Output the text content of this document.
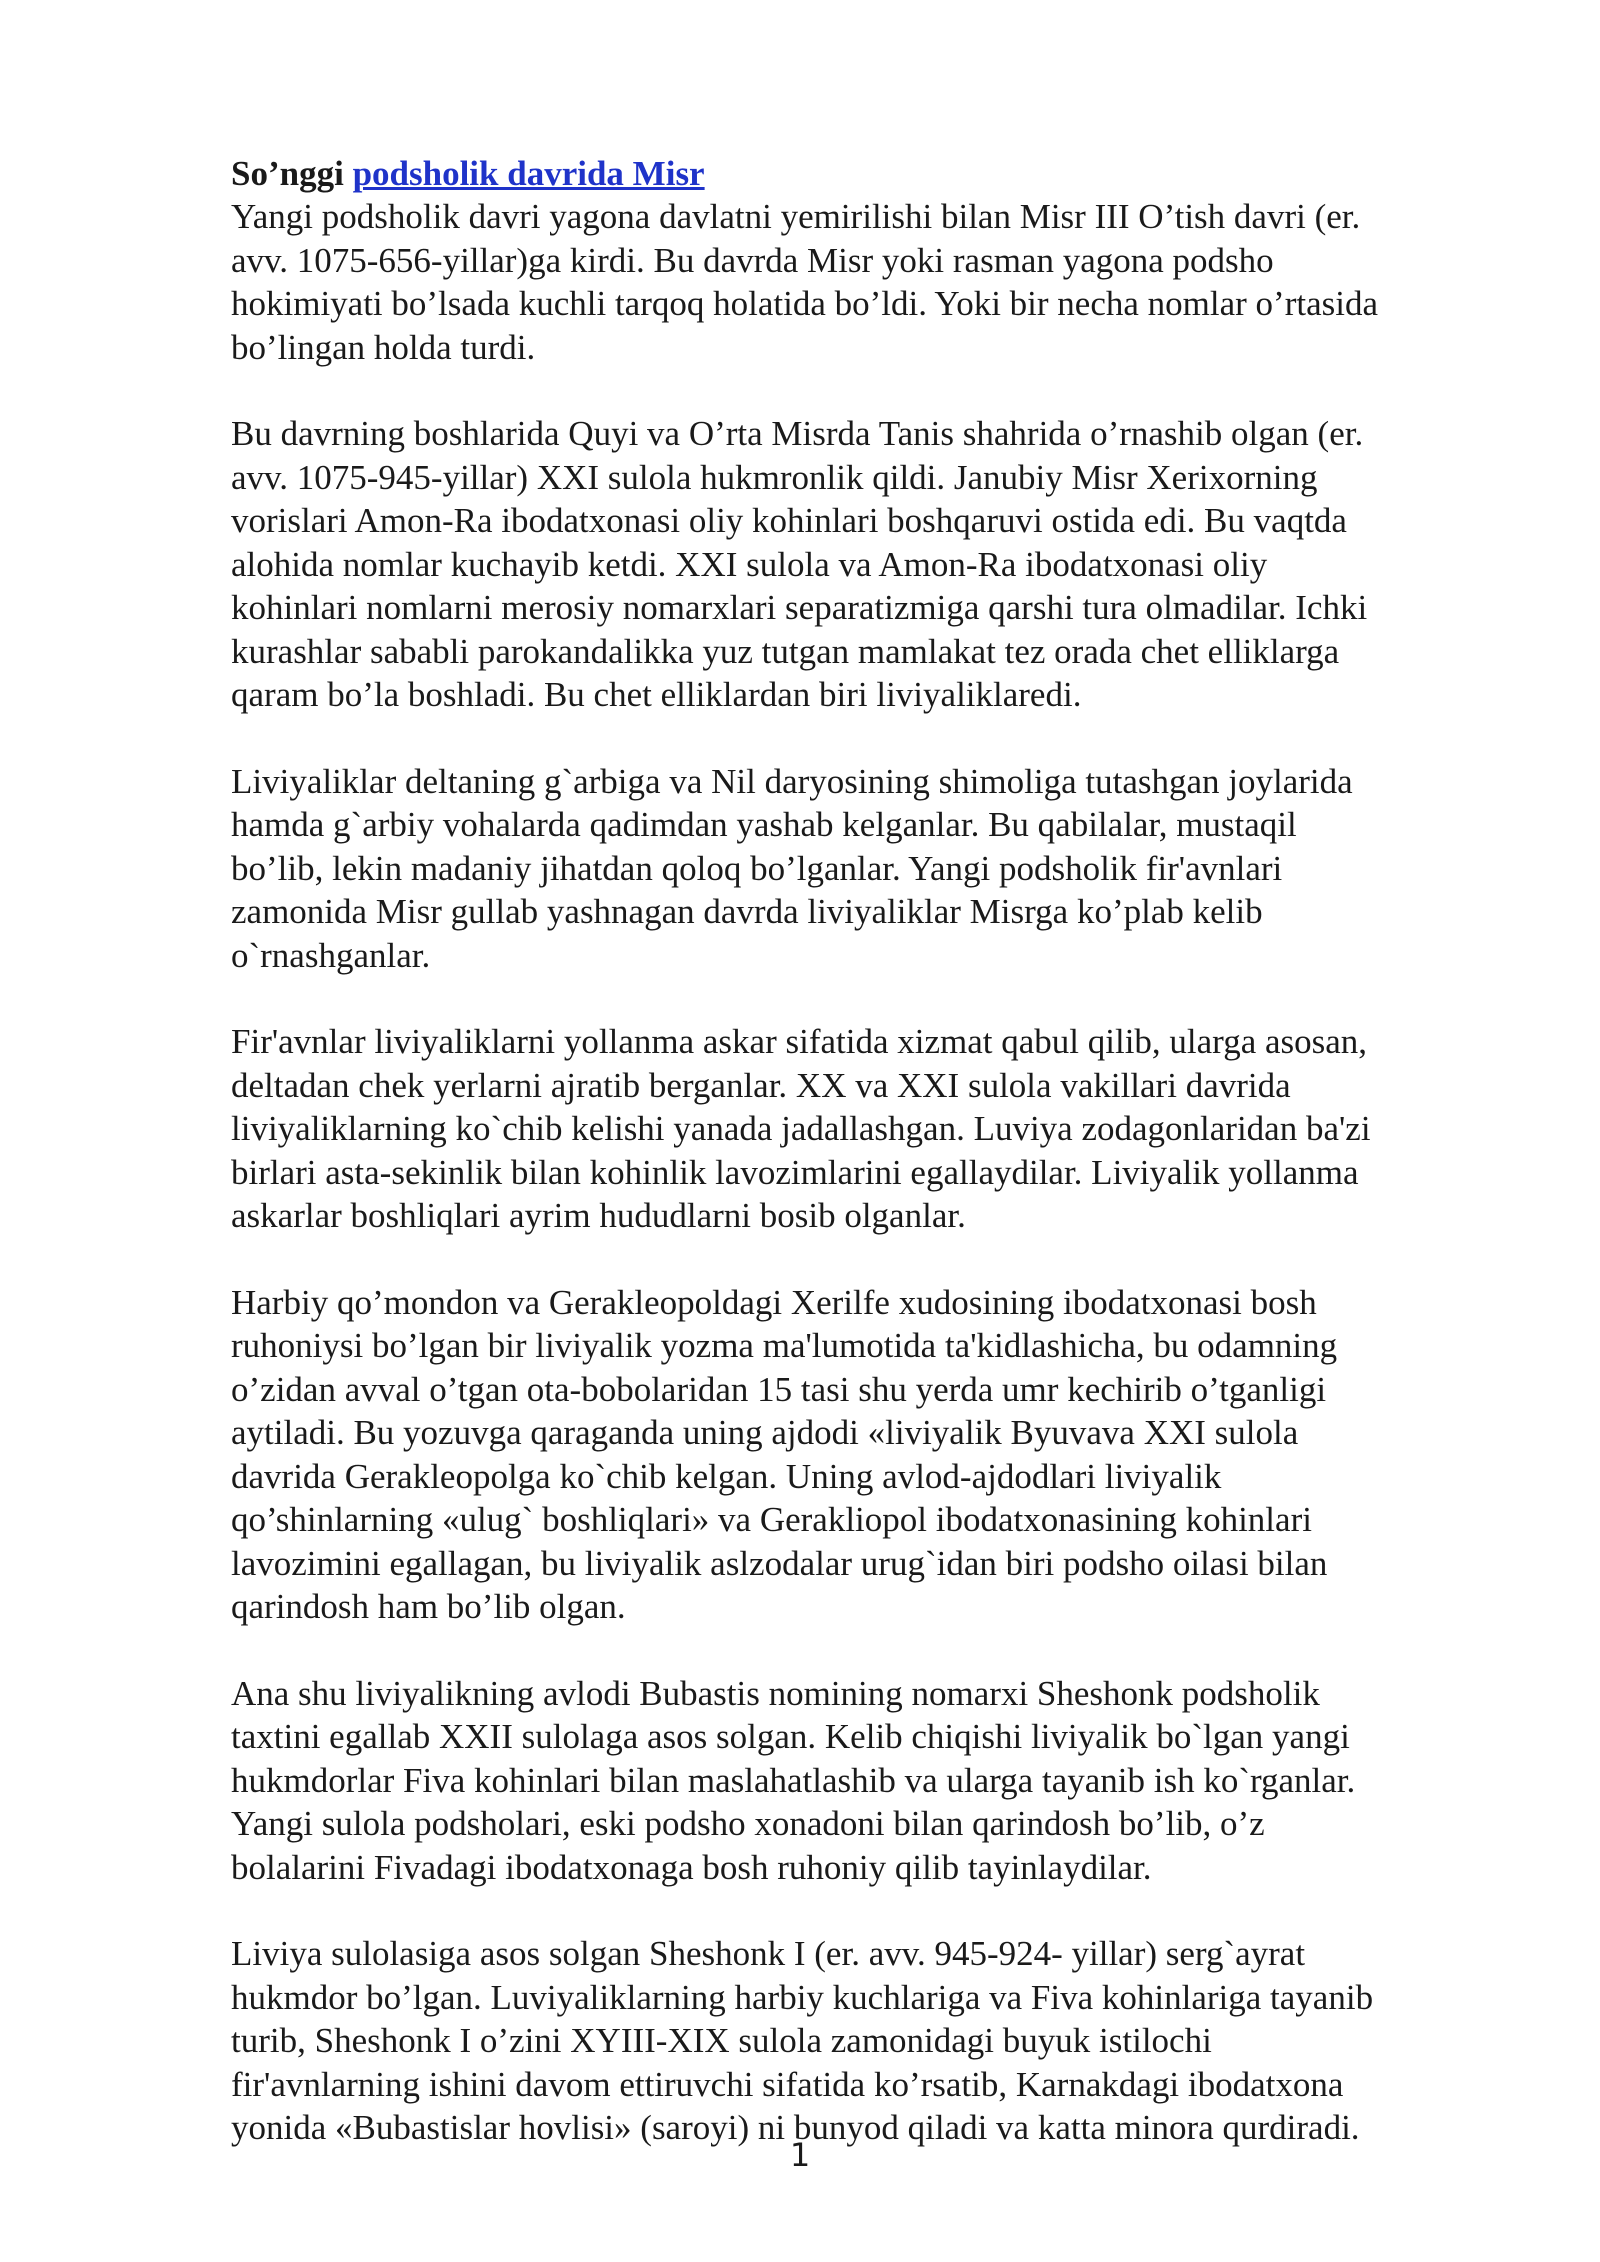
So’nggi podsholik davrida Misr

Yangi podsholik davri yagona davlatni yemirilishi bilan Misr III O’tish davri (er.
avv. 1075-656-yillar)ga kirdi. Bu davrda Misr yoki rasman yagona podsho
hokimiyati bo’lsada kuchli tarqoq holatida bo’ldi. Yoki bir necha nomlar o’rtasida
bo’lingan holda turdi.

Bu davrning boshlarida Quyi va O’rta Misrda Tanis shahrida o’rnashib olgan (er.
avv. 1075-945-yillar) XXI sulola hukmronlik qildi. Janubiy Misr Xerixorning
vorislari Amon-Ra ibodatxonasi oliy kohinlari boshqaruvi ostida edi. Bu vaqtda
alohida nomlar kuchayib ketdi. XXI sulola va Amon-Ra ibodatxonasi oliy
kohinlari nomlarni merosiy nomarxlari separatizmiga qarshi tura olmadilar. Ichki
kurashlar sababli parokandalikka yuz tutgan mamlakat tez orada chet elliklarga
qaram bo’la boshladi. Bu chet elliklardan biri liviyaliklaredi.

Liviyaliklar deltaning g`arbiga va Nil daryosining shimoliga tutashgan joylarida
hamda g`arbiy vohalarda qadimdan yashab kelganlar. Bu qabilalar, mustaqil
bo’lib, lekin madaniy jihatdan qoloq bo’lganlar. Yangi podsholik fir'avnlari
zamonida Misr gullab yashnagan davrda liviyaliklar Misrga ko’plab kelib
o`rnashganlar.

Fir'avnlar liviyaliklarni yollanma askar sifatida xizmat qabul qilib, ularga asosan,
deltadan chek yerlarni ajratib berganlar. XX va XXI sulola vakillari davrida
liviyaliklarning ko`chib kelishi yanada jadallashgan. Luviya zodagonlaridan ba'zi
birlari asta-sekinlik bilan kohinlik lavozimlarini egallaydilar. Liviyalik yollanma
askarlar boshliqlari ayrim hududlarni bosib olganlar.

Harbiy qo’mondon va Gerakleopoldagi Xerilfe xudosining ibodatxonasi bosh
ruhoniysi bo’lgan bir liviyalik yozma ma'lumotida ta'kidlashicha, bu odamning
o’zidan avval o’tgan ota-bobolaridan 15 tasi shu yerda umr kechirib o’tganligi
aytiladi. Bu yozuvga qaraganda uning ajdodi «liviyalik Byuvava XXI sulola
davrida Gerakleopolga ko`chib kelgan. Uning avlod-ajdodlari liviyalik
qo’shinlarning «ulug` boshliqlari» va Gerakliopol ibodatxonasining kohinlari
lavozimini egallagan, bu liviyalik aslzodalar urug`idan biri podsho oilasi bilan
qarindosh ham bo’lib olgan.

Ana shu liviyalikning avlodi Bubastis nomining nomarxi Sheshonk podsholik
taxtini egallab XXII sulolaga asos solgan. Kelib chiqishi liviyalik bo`lgan yangi
hukmdorlar Fiva kohinlari bilan maslahatlashib va ularga tayanib ish ko`rganlar.
Yangi sulola podsholari, eski podsho xonadoni bilan qarindosh bo’lib, o’z
bolalarini Fivadagi ibodatxonaga bosh ruhoniy qilib tayinlaydilar.

Liviya sulolasiga asos solgan Sheshonk I (er. avv. 945-924- yillar) serg`ayrat
hukmdor bo’lgan. Luviyaliklarning harbiy kuchlariga va Fiva kohinlariga tayanib
turib, Sheshonk I o’zini XYIII-XIX sulola zamonidagi buyuk istilochi
fir'avnlarning ishini davom ettiruvchi sifatida ko’rsatib, Karnakdagi ibodatxona
yonida «Bubastislar hovlisi» (saroyi) ni bunyod qiladi va katta minora qurdiradi.

1
